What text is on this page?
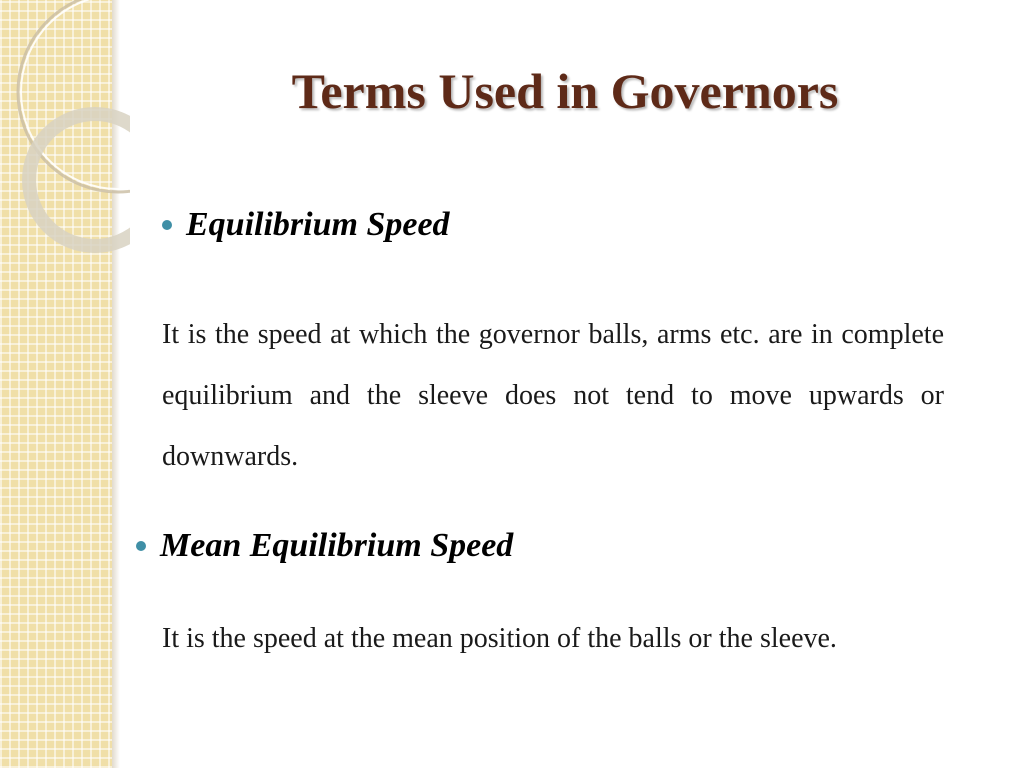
Terms Used in Governors
Equilibrium Speed

It is the speed at which the governor balls, arms etc. are in complete equilibrium and the sleeve does not tend to move upwards or downwards.

Mean Equilibrium Speed

It is the speed at the mean position of the balls or the sleeve.
